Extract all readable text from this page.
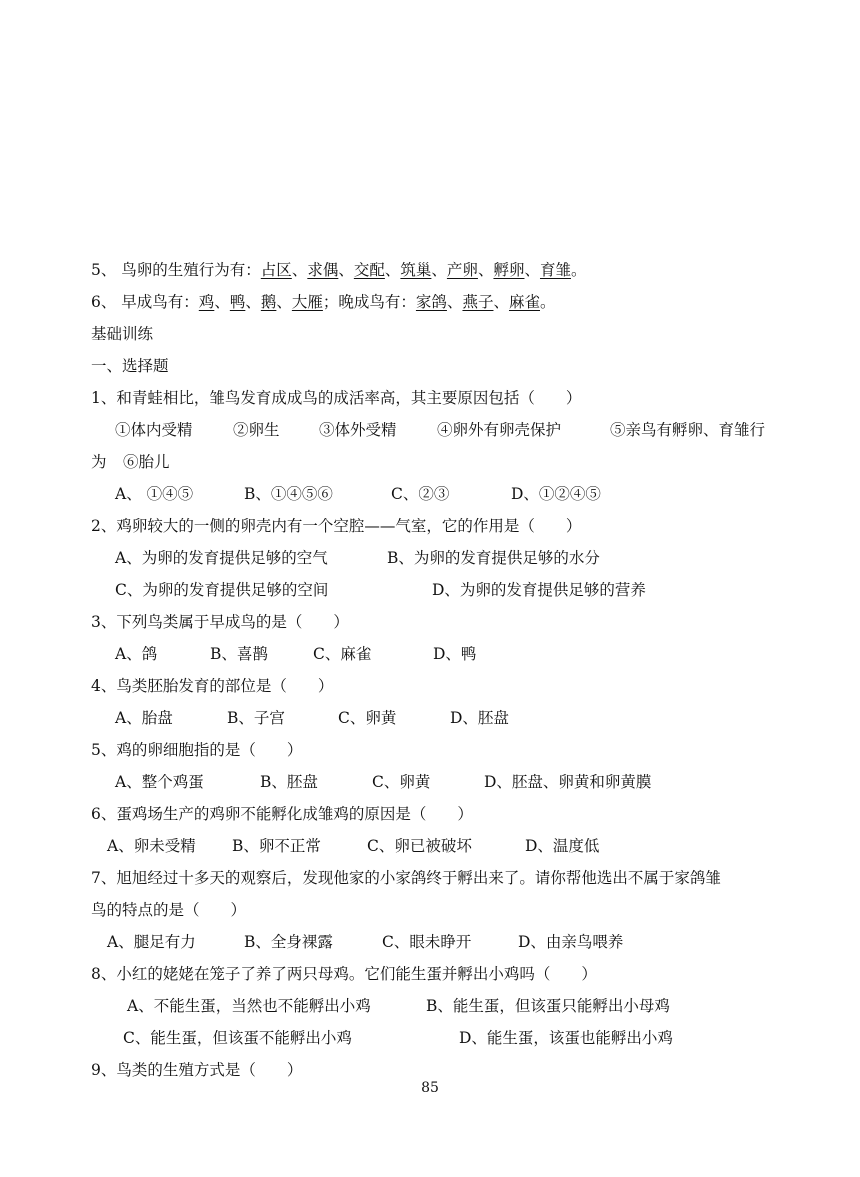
5、 鸟卵的生殖行为有：占区、求偶、交配、筑巢、产卵、孵卵、育雏。
6、 早成鸟有：鸡、鸭、鹅、大雁；晚成鸟有：家鸽、燕子、麻雀。
基础训练
一、选择题
1、和青蛙相比，雏鸟发育成成鸟的成活率高，其主要原因包括（　　）
①体内受精	②卵生	③体外受精	④卵外有卵壳保护	⑤亲鸟有孵卵、育雏行
为 ⑥胎儿
A、 ①④⑤	B、①④⑤⑥	C、②③	D、①②④⑤
2、鸡卵较大的一侧的卵壳内有一个空腔——气室，它的作用是（　　）
A、为卵的发育提供足够的空气	B、为卵的发育提供足够的水分
C、为卵的发育提供足够的空间	D、为卵的发育提供足够的营养
3、下列鸟类属于早成鸟的是（　　）
A、鸽	B、喜鹊	C、麻雀	D、鸭
4、鸟类胚胎发育的部位是（　　）
A、胎盘	B、子宫	C、卵黄	D、胚盘
5、鸡的卵细胞指的是（　　）
A、整个鸡蛋	B、胚盘	C、卵黄	D、胚盘、卵黄和卵黄膜
6、蛋鸡场生产的鸡卵不能孵化成雏鸡的原因是（　　）
A、卵未受精 B、卵不正常	C、卵已被破坏	D、温度低
7、旭旭经过十多天的观察后，发现他家的小家鸽终于孵出来了。请你帮他选出不属于家鸽雏
鸟的特点的是（　　）
A、腿足有力	B、全身裸露	C、眼未睁开	D、由亲鸟喂养
8、小红的姥姥在笼子了养了两只母鸡。它们能生蛋并孵出小鸡吗（　　）
A、不能生蛋，当然也不能孵出小鸡	B、能生蛋，但该蛋只能孵出小母鸡
C、能生蛋，但该蛋不能孵出小鸡	D、能生蛋，该蛋也能孵出小鸡
9、鸟类的生殖方式是（　　）
85
